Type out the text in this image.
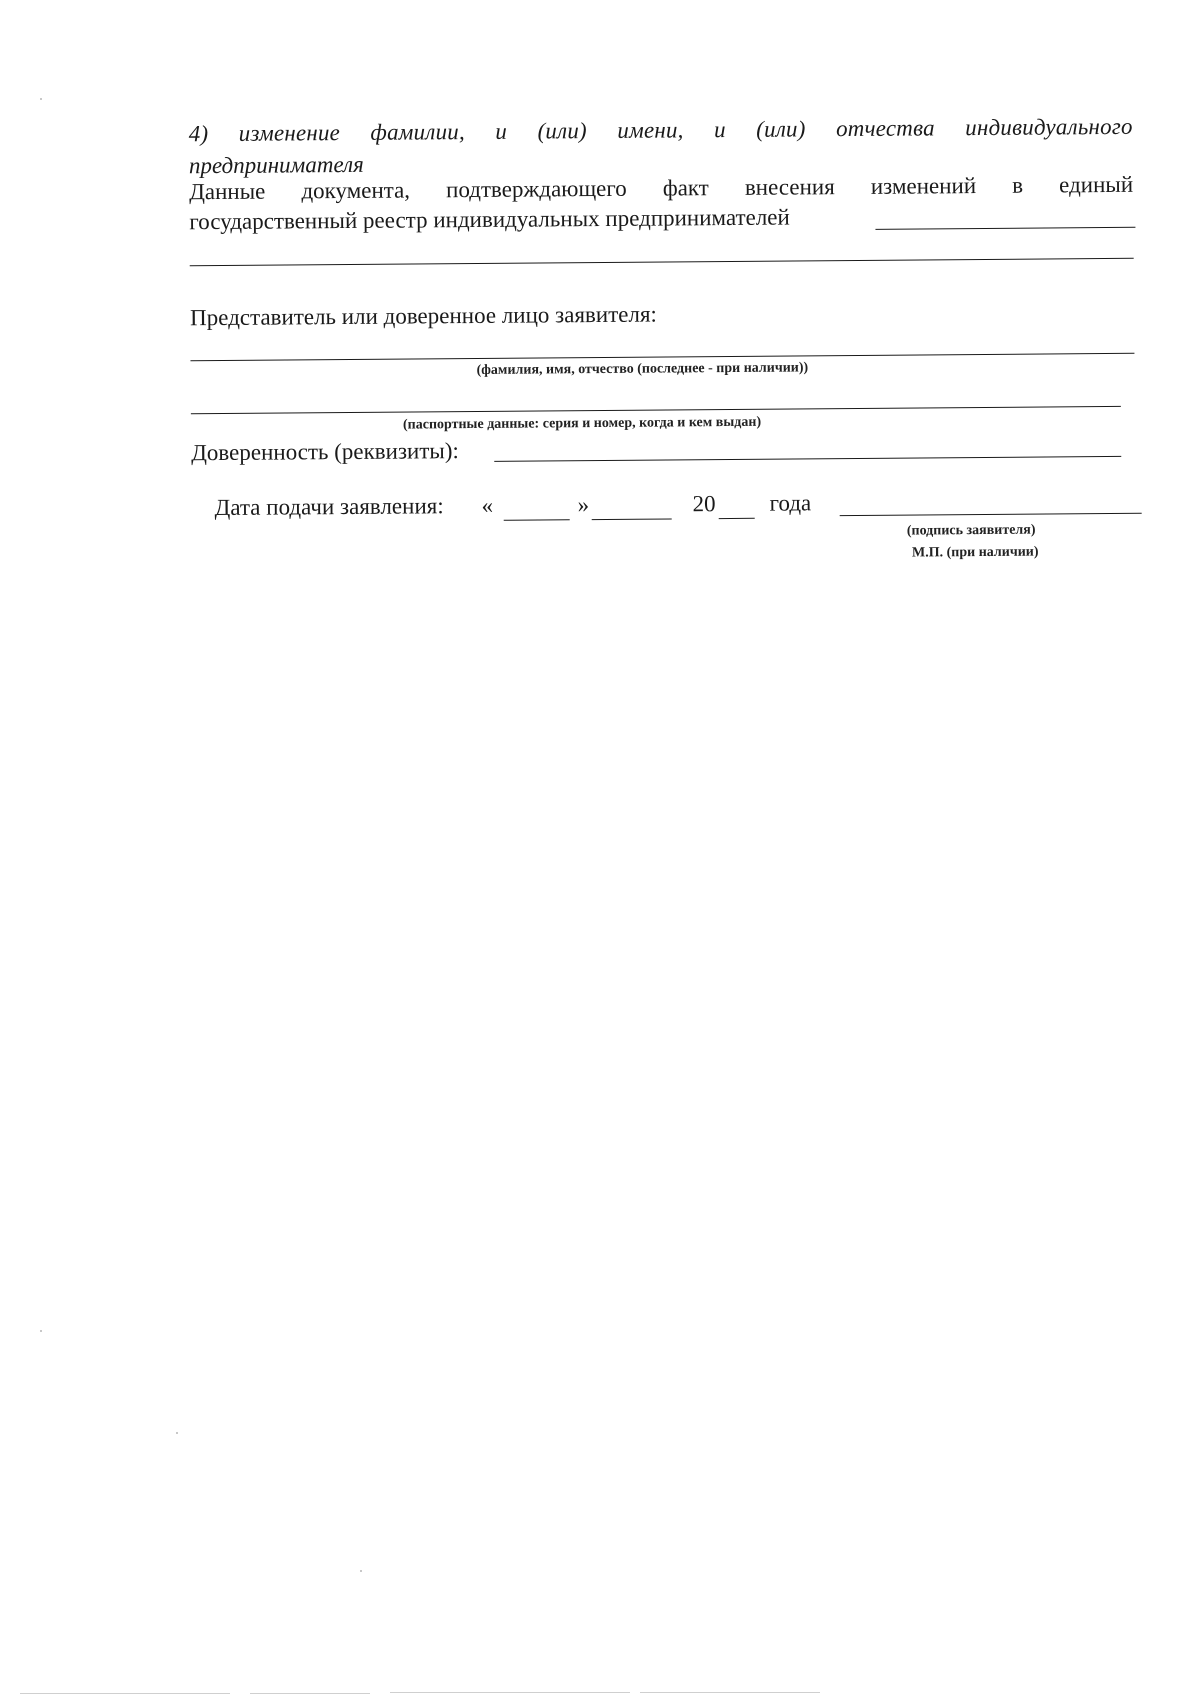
4) изменение фамилии, и (или) имени, и (или) отчества индивидуального
предпринимателя
Данные документа, подтверждающего факт внесения изменений в единый
государственный реестр индивидуальных предпринимателей
Представитель или доверенное лицо заявителя:
(фамилия, имя, отчество (последнее - при наличии))
(паспортные данные: серия и номер, когда и кем выдан)
Доверенность (реквизиты):
Дата подачи заявления: «	»	20 года
(подпись заявителя)
М.П. (при наличии)
